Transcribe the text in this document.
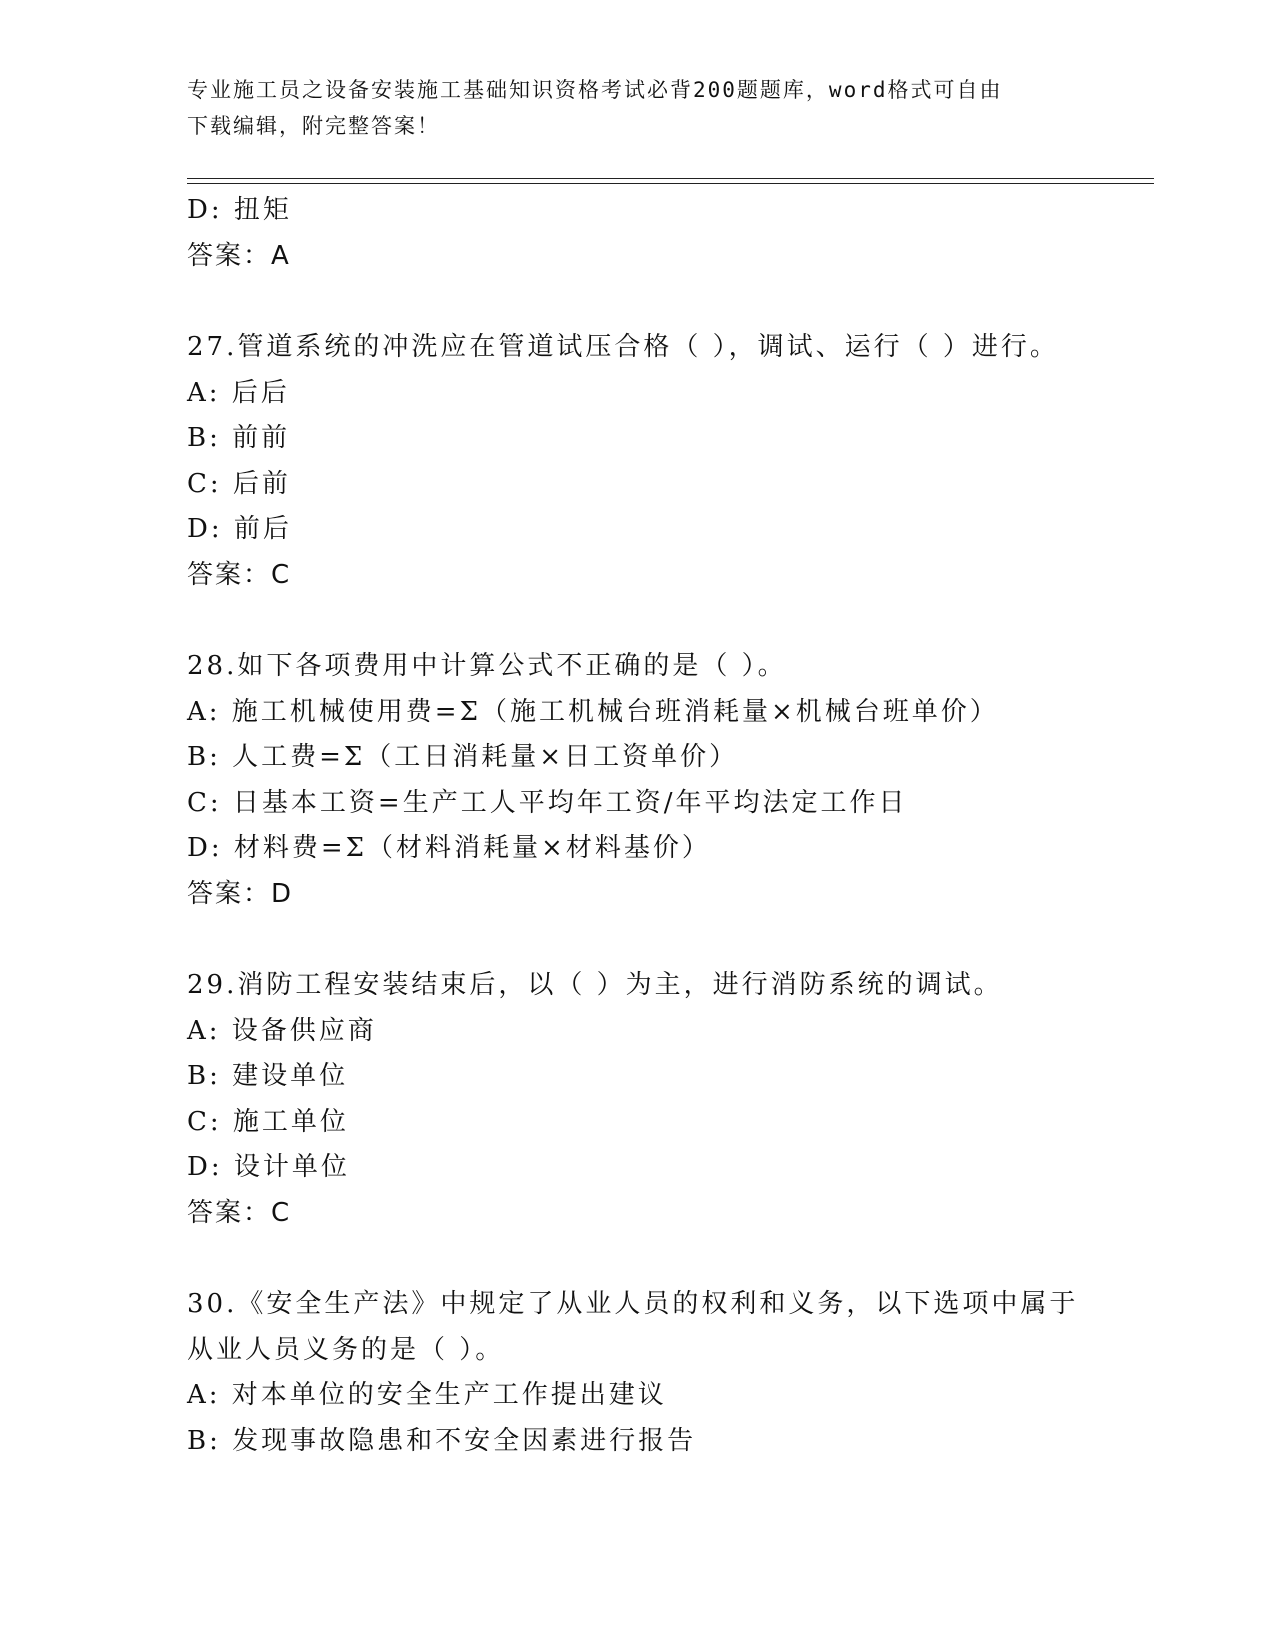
专业施工员之设备安装施工基础知识资格考试必背200题题库，word格式可自由
下载编辑，附完整答案！
D: 扭矩
答案：A
27.管道系统的冲洗应在管道试压合格（ ），调试、运行（ ）进行。
A: 后后
B: 前前
C: 后前
D: 前后
答案：C
28.如下各项费用中计算公式不正确的是（ ）。
A: 施工机械使用费=Σ（施工机械台班消耗量×机械台班单价）
B: 人工费=Σ（工日消耗量×日工资单价）
C: 日基本工资=生产工人平均年工资/年平均法定工作日
D: 材料费=Σ（材料消耗量×材料基价）
答案：D
29.消防工程安装结束后，以（ ）为主，进行消防系统的调试。
A: 设备供应商
B: 建设单位
C: 施工单位
D: 设计单位
答案：C
30.《安全生产法》中规定了从业人员的权利和义务，以下选项中属于
从业人员义务的是（ ）。
A: 对本单位的安全生产工作提出建议
B: 发现事故隐患和不安全因素进行报告
